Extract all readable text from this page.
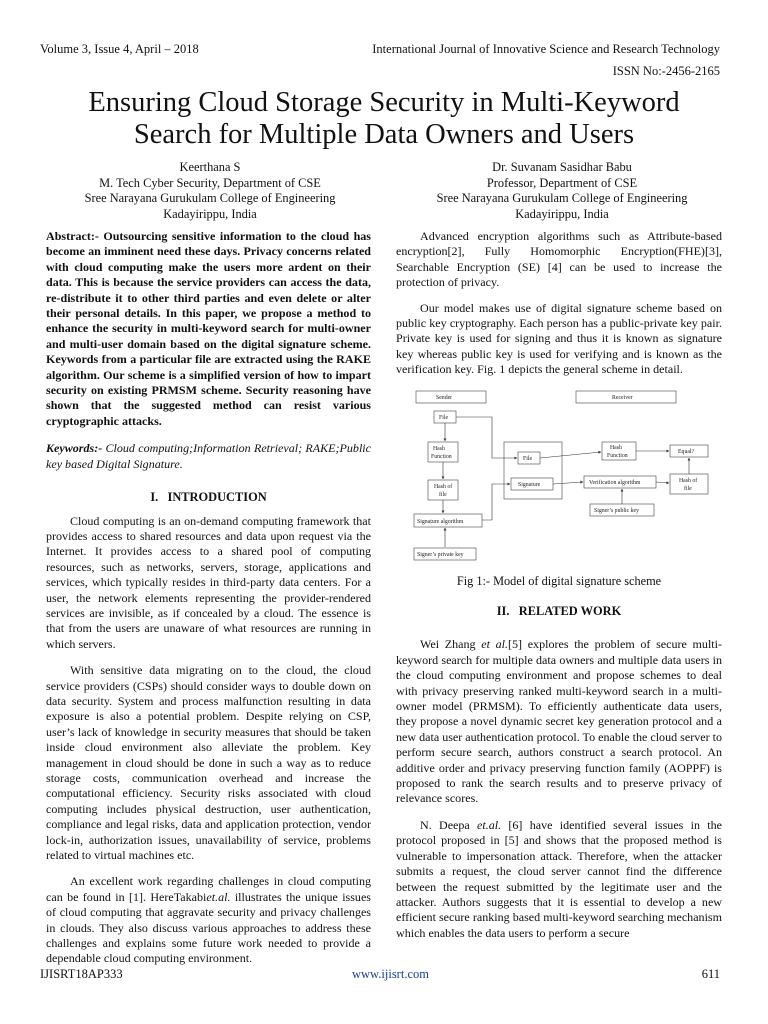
Volume 3, Issue 4, April – 2018	International Journal of Innovative Science and Research Technology
ISSN No:-2456-2165
Ensuring Cloud Storage Security in Multi-Keyword
Search for Multiple Data Owners and Users
Keerthana S
M. Tech Cyber Security, Department of CSE
Sree Narayana Gurukulam College of Engineering
Kadayirippu, India
Dr. Suvanam Sasidhar Babu
Professor, Department of CSE
Sree Narayana Gurukulam College of Engineering
Kadayirippu, India

Abstract:- Outsourcing sensitive information to the cloud has become an imminent need these days. Privacy concerns related with cloud computing make the users more ardent on their data. This is because the service providers can access the data, re-distribute it to other third parties and even delete or alter their personal details. In this paper, we propose a method to enhance the security in multi-keyword search for multi-owner and multi-user domain based on the digital signature scheme. Keywords from a particular file are extracted using the RAKE algorithm. Our scheme is a simplified version of how to impart security on existing PRMSM scheme. Security reasoning have shown that the suggested method can resist various cryptographic attacks.

Keywords:- Cloud computing;Information Retrieval; RAKE;Public key based Digital Signature.

I.   INTRODUCTION

Cloud computing is an on-demand computing framework that provides access to shared resources and data upon request via the Internet. It provides access to a shared pool of computing resources, such as networks, servers, storage, applications and services, which typically resides in third-party data centers. For a user, the network elements representing the provider-rendered services are invisible, as if concealed by a cloud. The essence is that from the users are unaware of what resources are running in which servers.

With sensitive data migrating on to the cloud, the cloud service providers (CSPs) should consider ways to double down on data security. System and process malfunction resulting in data exposure is also a potential problem. Despite relying on CSP, user’s lack of knowledge in security measures that should be taken inside cloud environment also alleviate the problem. Key management in cloud should be done in such a way as to reduce storage costs, communication overhead and increase the computational efficiency. Security risks associated with cloud computing includes physical destruction, user authentication, compliance and legal risks, data and application protection, vendor lock-in, authorization issues, unavailability of service, problems related to virtual machines etc.

An excellent work regarding challenges in cloud computing can be found in [1]. HereTakabiet.al. illustrates the unique issues of cloud computing that aggravate security and privacy challenges in clouds. They also discuss various approaches to address these challenges and explains some future work needed to provide a dependable cloud computing environment.

Advanced encryption algorithms such as Attribute-based encryption[2], Fully Homomorphic Encryption(FHE)[3], Searchable Encryption (SE) [4] can be used to increase the protection of privacy.

Our model makes use of digital signature scheme based on public key cryptography. Each person has a public-private key pair. Private key is used for signing and thus it is known as signature key whereas public key is used for verifying and is known as the verification key. Fig. 1 depicts the general scheme in detail.

Sender	Receiver
File
Hash
Function
Hash of
file
Signature algorithm
Signer’s private key
File
Signature
Hash
Function
Equal?
Verification algorithm	Hash of
file
Signer’s public key
Fig 1:- Model of digital signature scheme
II.   RELATED WORK

Wei Zhang et al.[5] explores the problem of secure multi-keyword search for multiple data owners and multiple data users in the cloud computing environment and propose schemes to deal with privacy preserving ranked multi-keyword search in a multi-owner model (PRMSM). To efficiently authenticate data users, they propose a novel dynamic secret key generation protocol and a new data user authentication protocol. To enable the cloud server to perform secure search, authors construct a search protocol. An additive order and privacy preserving function family (AOPPF) is proposed to rank the search results and to preserve privacy of relevance scores.

N. Deepa et.al. [6] have identified several issues in the protocol proposed in [5] and shows that the proposed method is vulnerable to impersonation attack. Therefore, when the attacker submits a request, the cloud server cannot find the difference between the request submitted by the legitimate user and the attacker. Authors suggests that it is essential to develop a new efficient secure ranking based multi-keyword searching mechanism which enables the data users to perform a secure

IJISRT18AP333	www.ijisrt.com	611
